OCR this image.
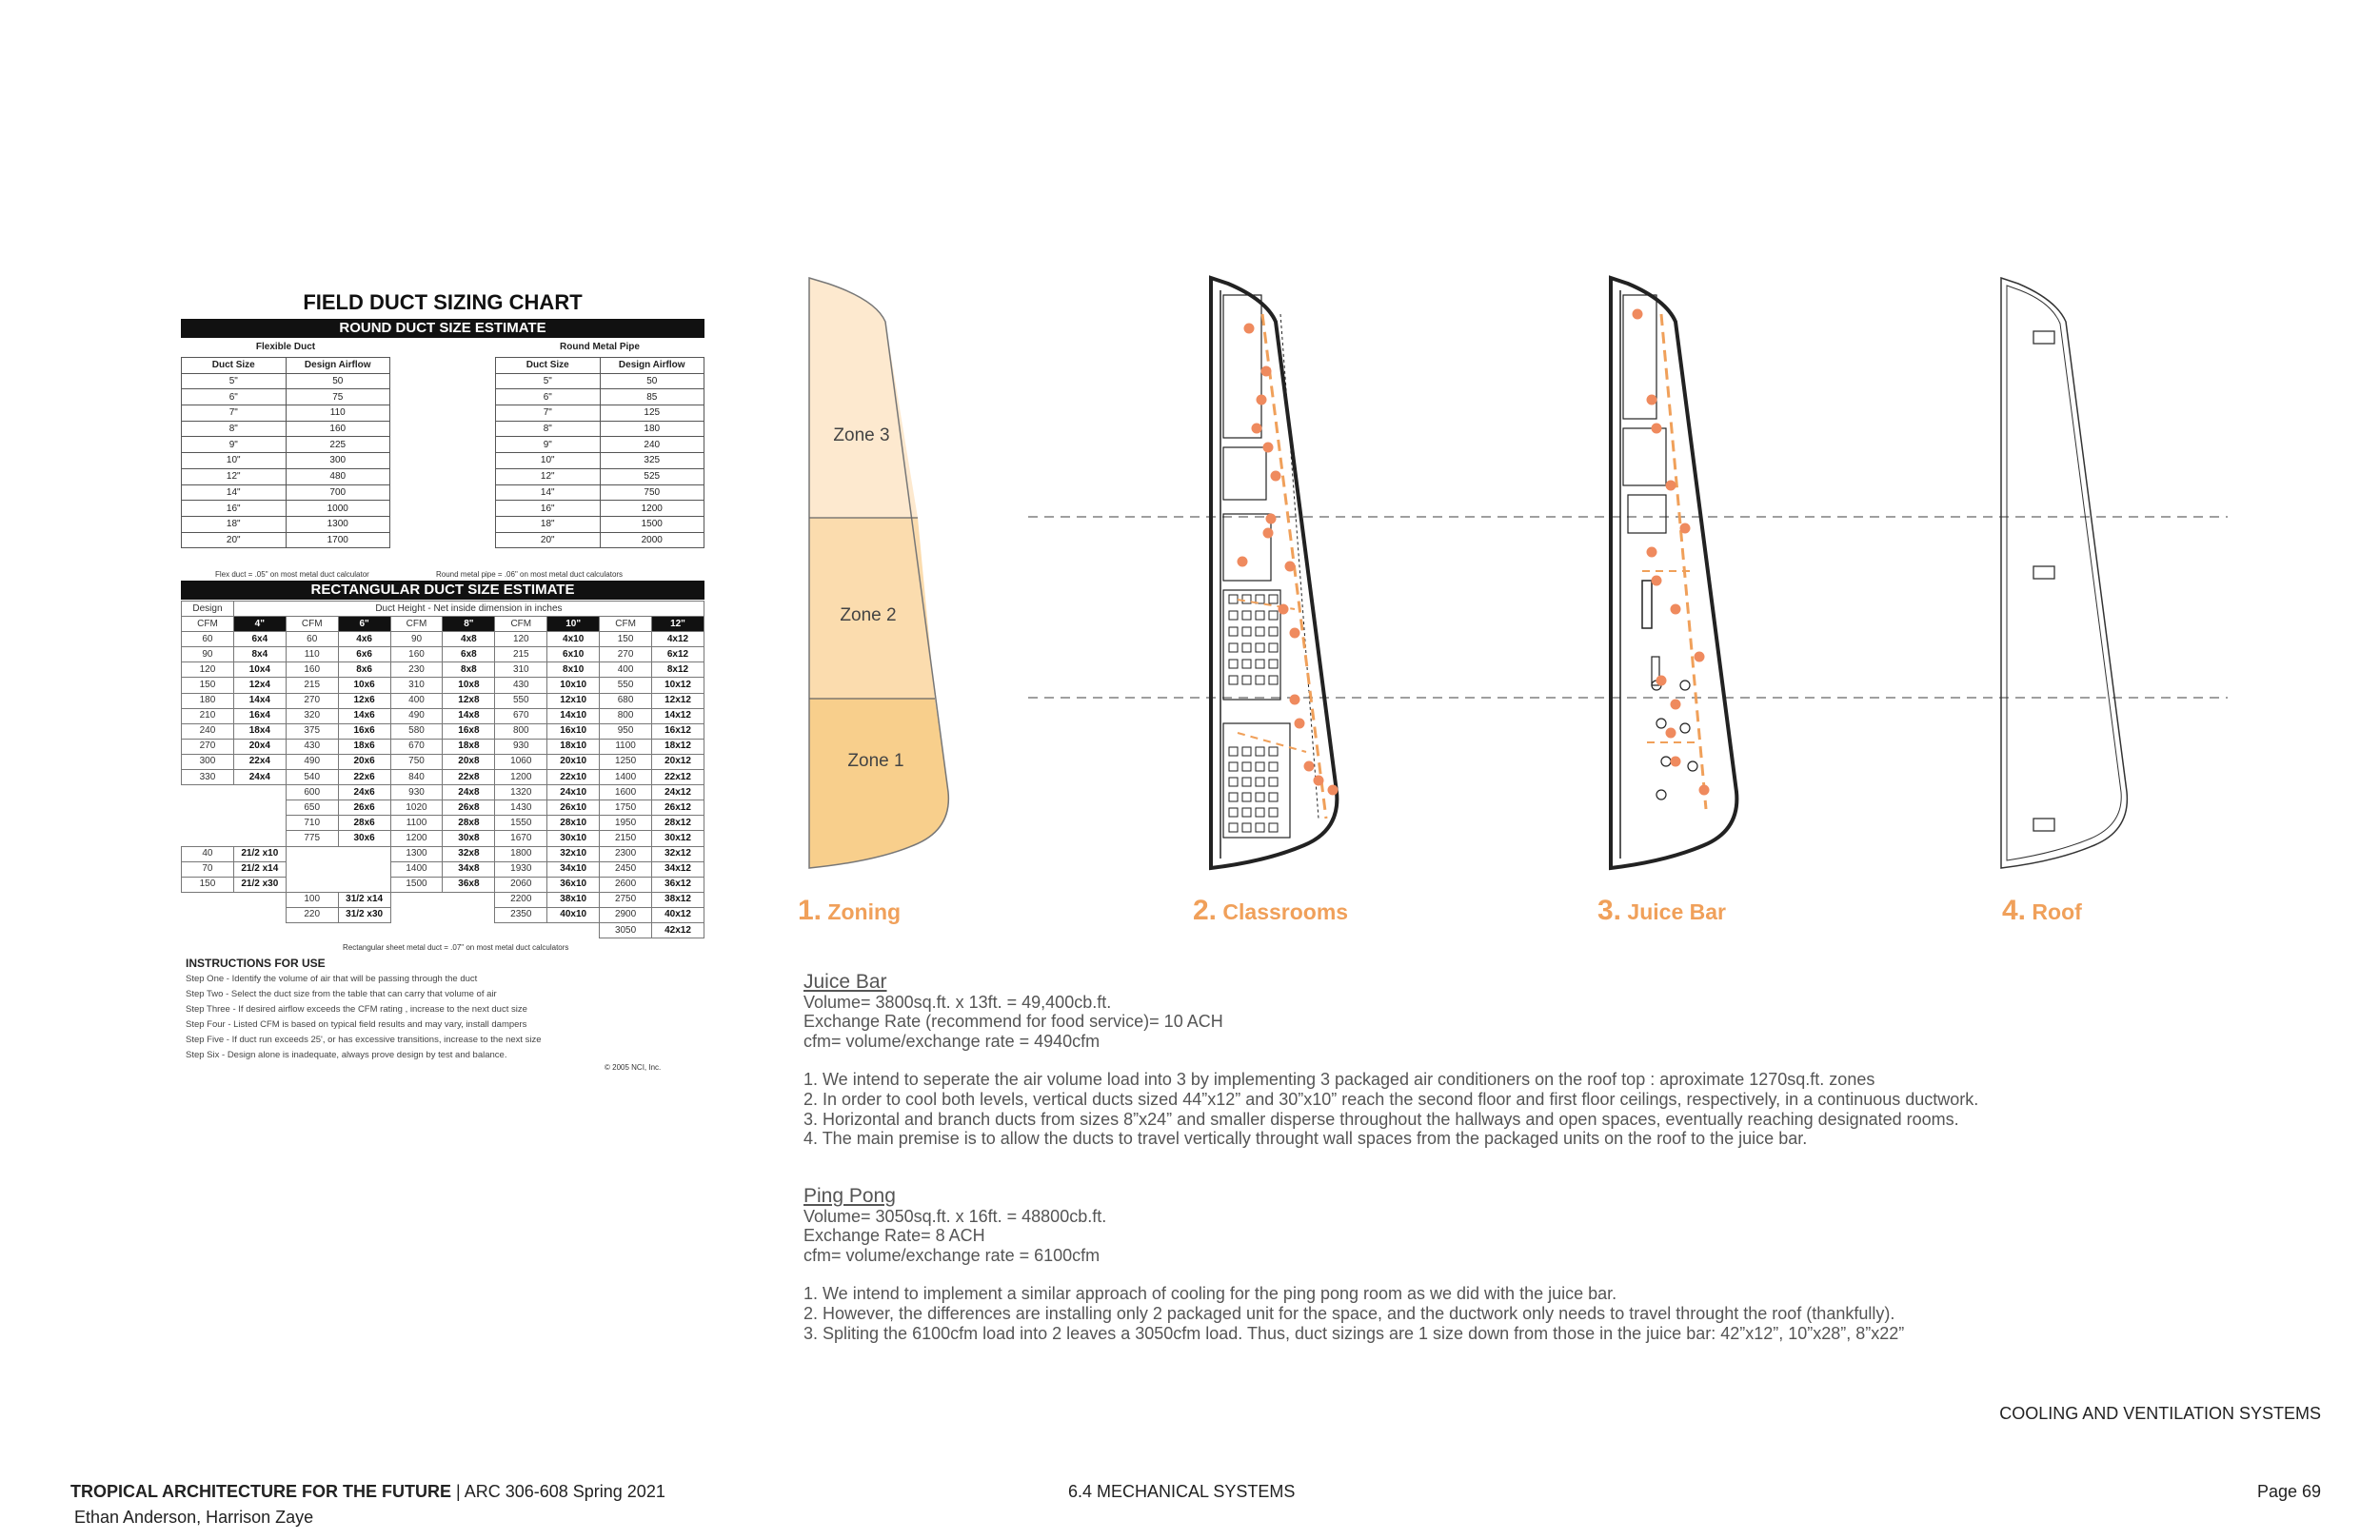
FIELD DUCT SIZING CHART
ROUND DUCT SIZE ESTIMATE
Flexible Duct	Round Metal Pipe
Duct Size	Design Airflow
5"	50
6"	75
7"	110
8"	160
9"	225
10"	300
12"	480
14"	700
16"	1000
18"	1300
20"	1700
Duct Size	Design Airflow
5"	50
6"	85
7"	125
8"	180
9"	240
10"	325
12"	525
14"	750
16"	1200
18"	1500
20"	2000
Flex duct = .05" on most metal duct calculator	Round metal pipe = .06" on most metal duct calculators
RECTANGULAR DUCT SIZE ESTIMATE
Design	Duct Height - Net inside dimension in inches								
CFM	4"	CFM	6"	CFM	8"	CFM	10"	CFM	12"
60	6x4	60	4x6	90	4x8	120	4x10	150	4x12
90	8x4	110	6x6	160	6x8	215	6x10	270	6x12
120	10x4	160	8x6	230	8x8	310	8x10	400	8x12
150	12x4	215	10x6	310	10x8	430	10x10	550	10x12
180	14x4	270	12x6	400	12x8	550	12x10	680	12x12
210	16x4	320	14x6	490	14x8	670	14x10	800	14x12
240	18x4	375	16x6	580	16x8	800	16x10	950	16x12
270	20x4	430	18x6	670	18x8	930	18x10	1100	18x12
300	22x4	490	20x6	750	20x8	1060	20x10	1250	20x12
330	24x4	540	22x6	840	22x8	1200	22x10	1400	22x12
		600	24x6	930	24x8	1320	24x10	1600	24x12
		650	26x6	1020	26x8	1430	26x10	1750	26x12
		710	28x6	1100	28x8	1550	28x10	1950	28x12
		775	30x6	1200	30x8	1670	30x10	2150	30x12
40	21/2 x10			1300	32x8	1800	32x10	2300	32x12
70	21/2 x14			1400	34x8	1930	34x10	2450	34x12
150	21/2 x30			1500	36x8	2060	36x10	2600	36x12
		100	31/2 x14			2200	38x10	2750	38x12
		220	31/2 x30			2350	40x10	2900	40x12
								3050	42x12
Rectangular sheet metal duct = .07" on most metal duct calculators
INSTRUCTIONS FOR USE
Step One - Identify the volume of air that will be passing through the duct
Step Two - Select the duct size from the table that can carry that volume of air
Step Three - If desired airflow exceeds the CFM rating , increase to the next duct size
Step Four - Listed CFM is based on typical field results and may vary, install dampers
Step Five - If duct run exceeds 25', or has excessive transitions, increase to the next size
Step Six - Design alone is inadequate, always prove design by test and balance.
© 2005 NCI, Inc.
Zone 3
Zone 2
Zone 1
1. Zoning	2. Classrooms	3. Juice Bar	4. Roof
Juice Bar
Volume= 3800sq.ft. x 13ft. = 49,400cb.ft.
Exchange Rate (recommend for food service)= 10 ACH
cfm= volume/exchange rate = 4940cfm
1. We intend to seperate the air volume load into 3 by implementing 3 packaged air conditioners on the roof top : aproximate 1270sq.ft. zones
2. In order to cool both levels, vertical ducts sized 44”x12” and 30”x10” reach the second floor and first floor ceilings, respectively, in a continuous ductwork.
3. Horizontal and branch ducts from sizes 8”x24” and smaller disperse throughout the hallways and open spaces, eventually reaching designated rooms.
4. The main premise is to allow the ducts to travel vertically throught wall spaces from the packaged units on the roof to the juice bar.
Ping Pong
Volume= 3050sq.ft. x 16ft. = 48800cb.ft.
Exchange Rate= 8 ACH
cfm= volume/exchange rate = 6100cfm
1. We intend to implement a similar approach of cooling for the ping pong room as we did with the juice bar.
2. However, the differences are installing only 2 packaged unit for the space, and the ductwork only needs to travel throught the roof (thankfully).
3. Spliting the 6100cfm load into 2 leaves a 3050cfm load. Thus, duct sizings are 1 size down from those in the juice bar: 42”x12”, 10”x28”, 8”x22”
COOLING AND VENTILATION SYSTEMS
TROPICAL ARCHITECTURE FOR THE FUTURE | ARC 306-608 Spring 2021
Ethan Anderson, Harrison Zaye
6.4 MECHANICAL SYSTEMS	Page 69
